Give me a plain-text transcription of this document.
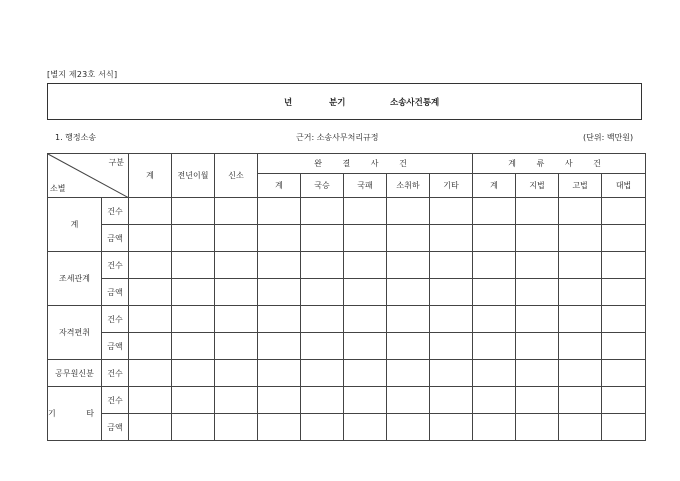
[별지 제23호 서식]
년	분기	소송사건통계
1. 행정소송	근거: 소송사무처리규정	(단위: 백만원)
구분
소별		계	전년이월	신소	완 결 사 건					계 류 사 건			
					계	국승	국패	소취하	기타	계	지법	고법	대법
계	건수												
	금액												
조세관계	건수												
	금액												
자격편취	건수												
	금액												
공무원신분	건수												
기 타	건수												
	금액												
